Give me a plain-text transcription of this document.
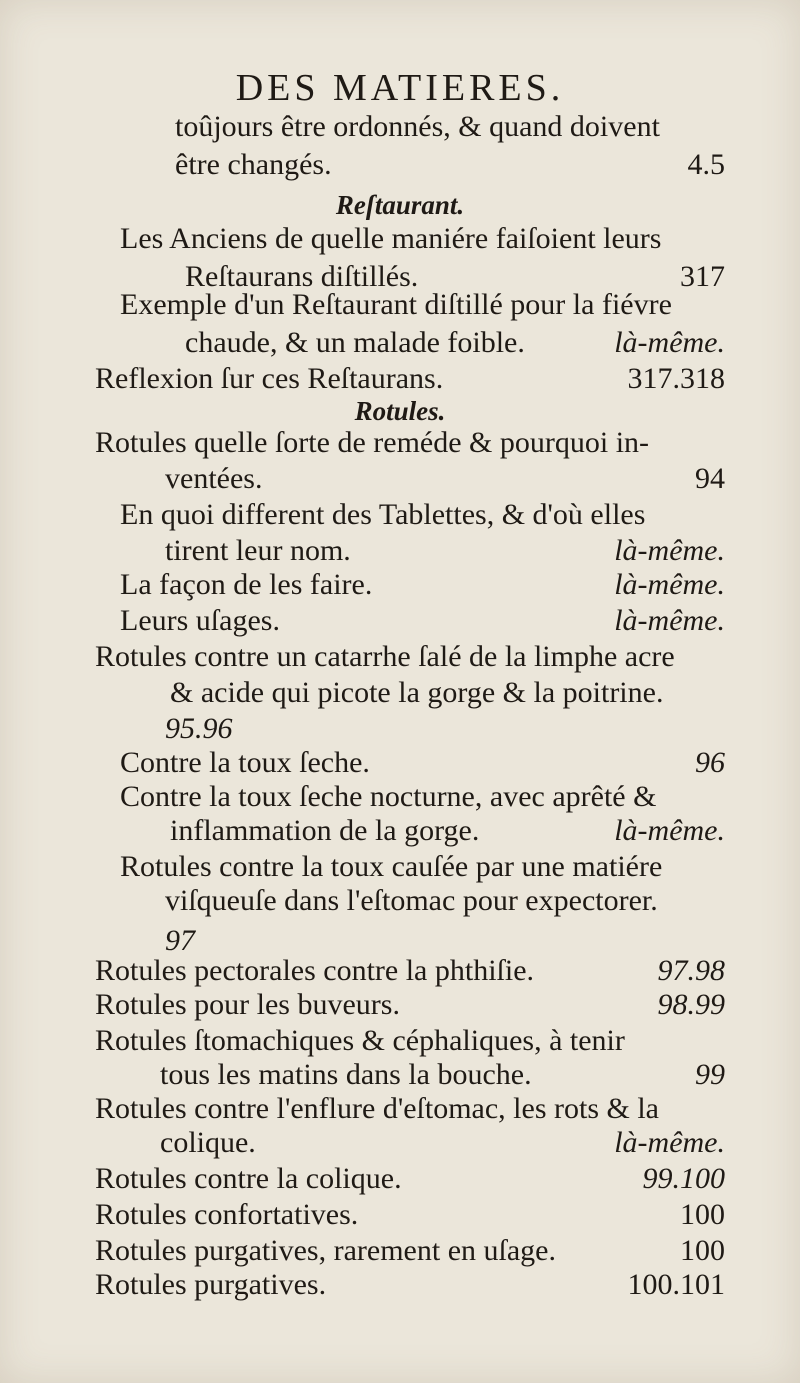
DES MATIERES.
toûjours être ordonnés, & quand doivent
être changés.	4.5
Reſtaurant.
Les Anciens de quelle maniére faiſoient leurs
Reſtaurans diſtillés.	317
Exemple d'un Reſtaurant diſtillé pour la fiévre
chaude, & un malade foible.	là-même.
Reflexion ſur ces Reſtaurans.	317.318
Rotules.
Rotules quelle ſorte de reméde & pourquoi in-
ventées.	94
En quoi different des Tablettes, & d'où elles
tirent leur nom.	là-même.
La façon de les faire.	là-même.
Leurs uſages.	là-même.
Rotules contre un catarrhe ſalé de la limphe acre
& acide qui picote la gorge & la poitrine.
95.96
Contre la toux ſeche.	96
Contre la toux ſeche nocturne, avec aprêté &
inflammation de la gorge.	là-même.
Rotules contre la toux cauſée par une matiére
viſqueuſe dans l'eſtomac pour expectorer.
97
Rotules pectorales contre la phthiſie.	97.98
Rotules pour les buveurs.	98.99
Rotules ſtomachiques & céphaliques, à tenir
tous les matins dans la bouche.	99
Rotules contre l'enflure d'eſtomac, les rots & la
colique.	là-même.
Rotules contre la colique.	99.100
Rotules confortatives.	100
Rotules purgatives, rarement en uſage.	100
Rotules purgatives.	100.101
